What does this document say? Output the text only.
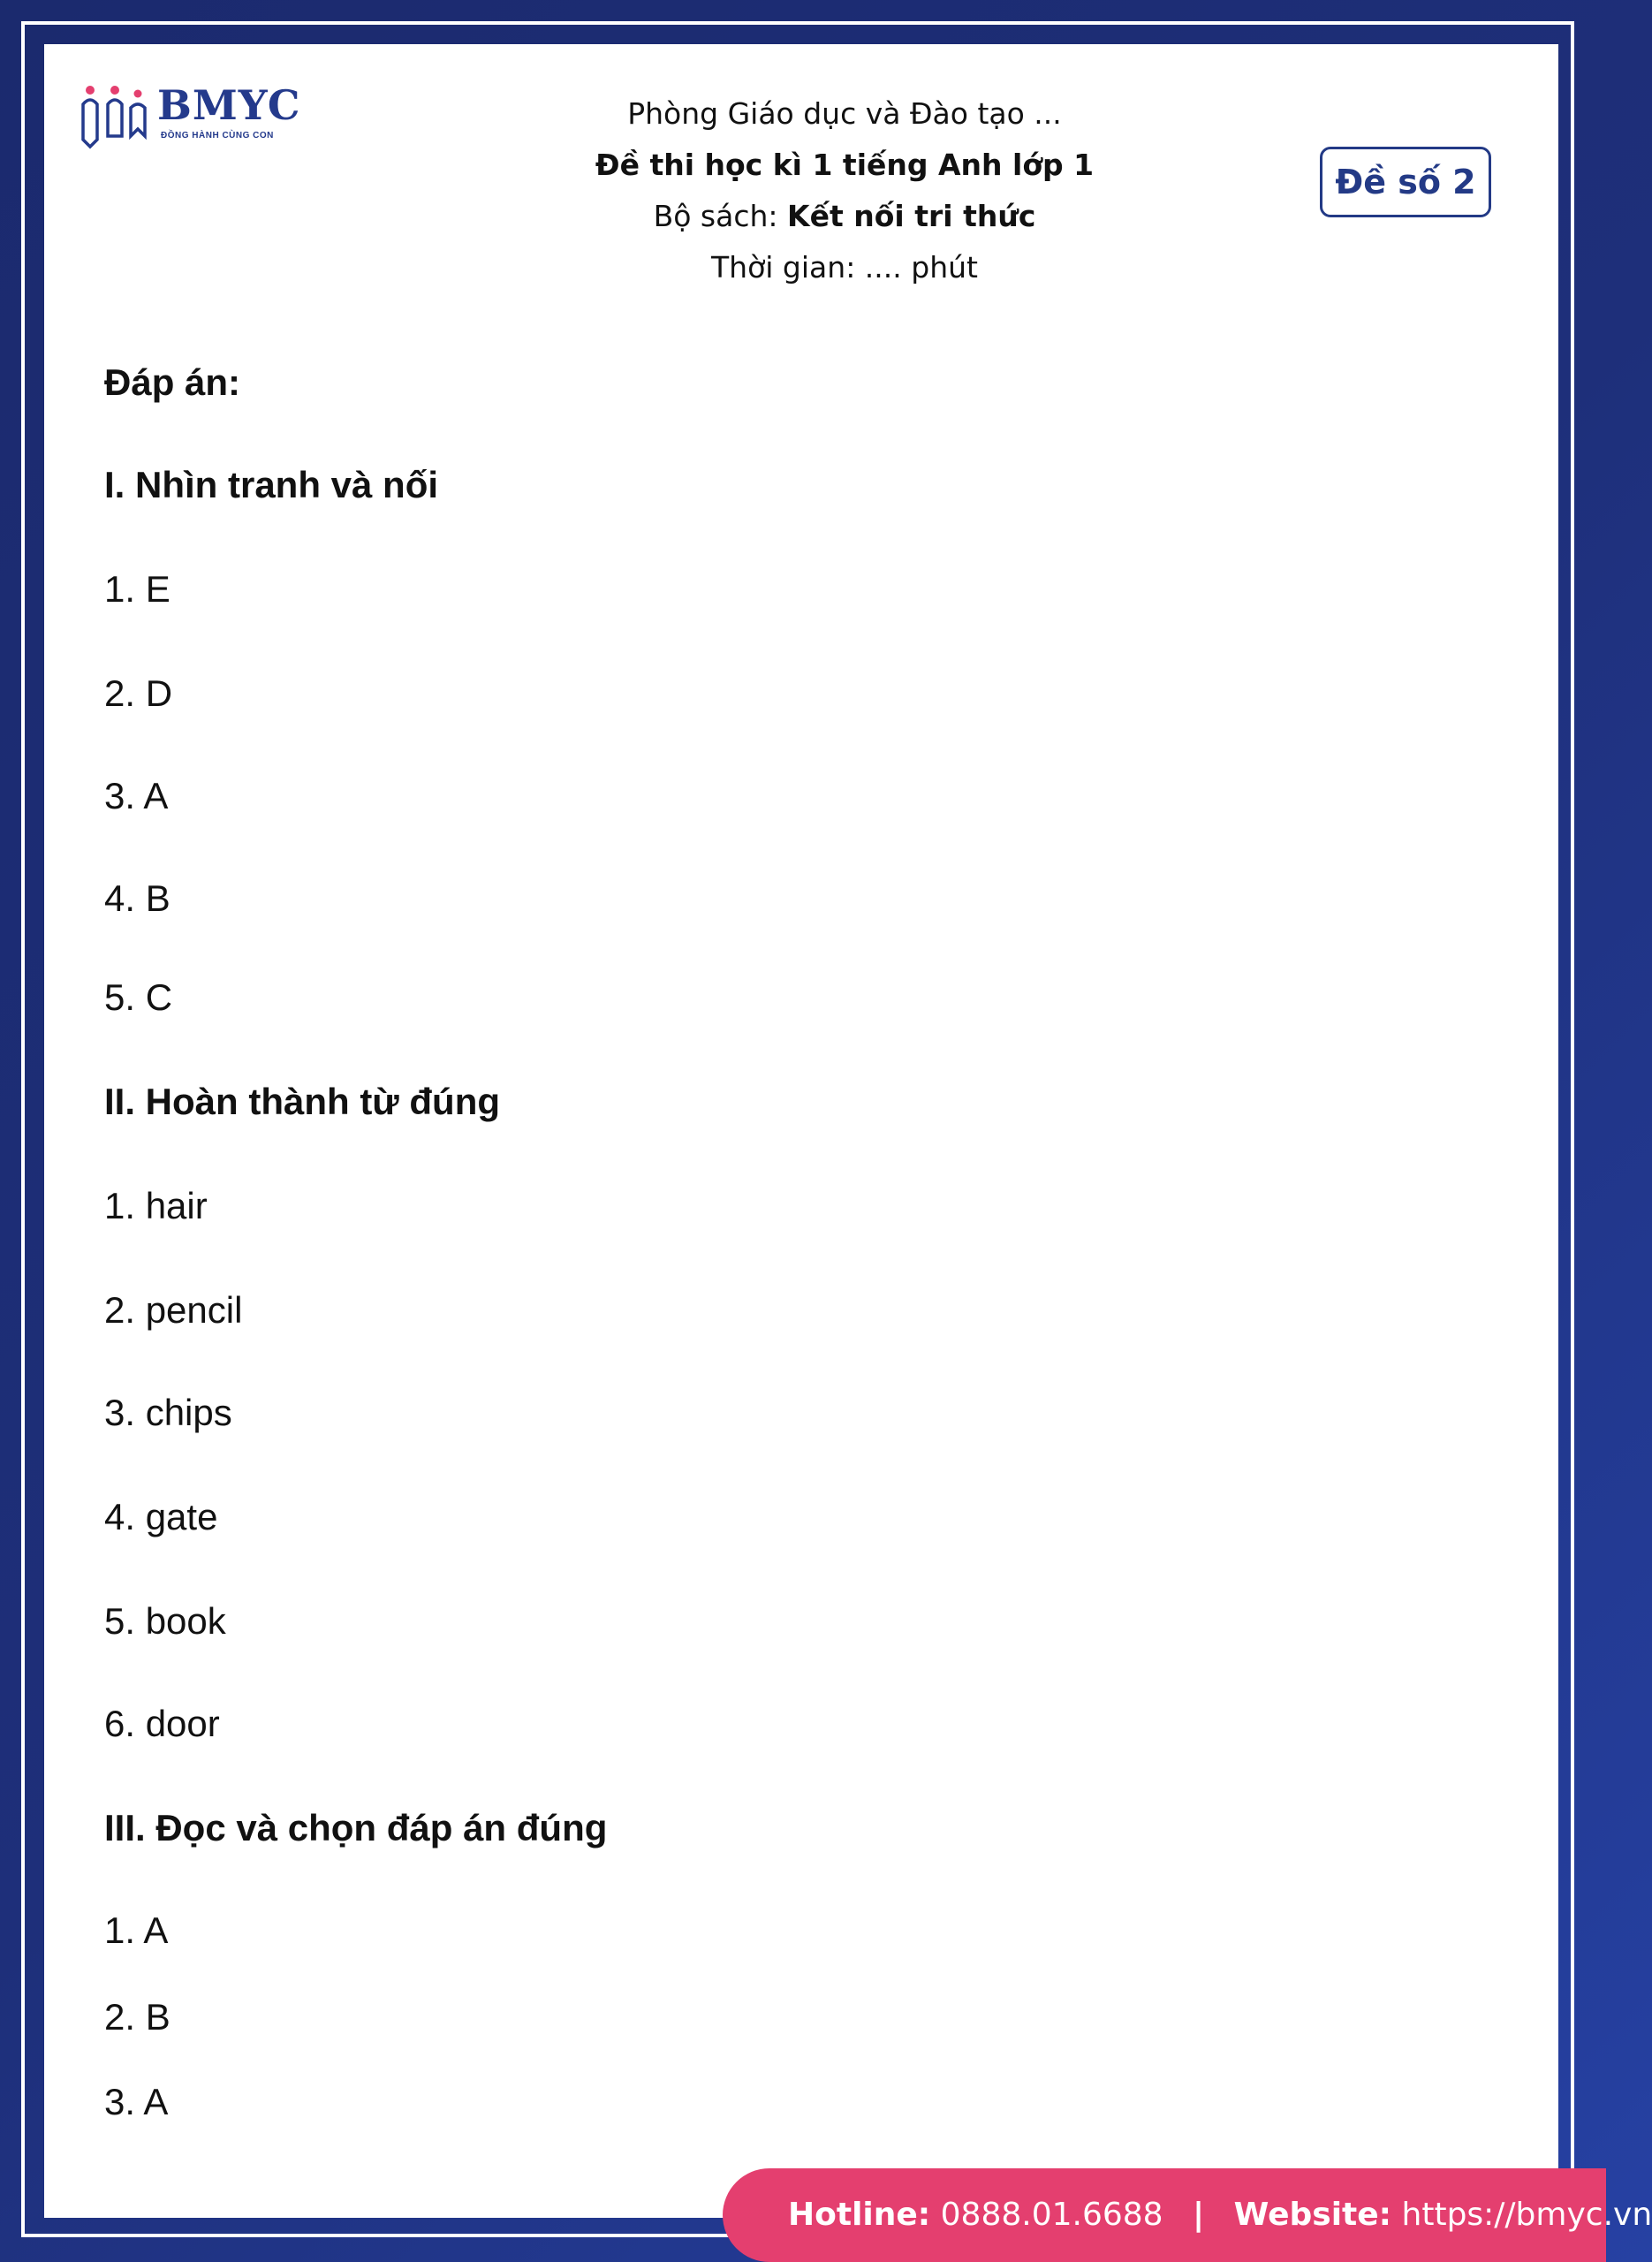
BMYC
ĐỒNG HÀNH CÙNG CON
Phòng Giáo dục và Đào tạo ...
Đề thi học kì 1 tiếng Anh lớp 1
Bộ sách: Kết nối tri thức
Thời gian: .... phút
Đề số 2
Đáp án:
I. Nhìn tranh và nối
1. E
2. D
3. A
4. B
5. C
II. Hoàn thành từ đúng
1. hair
2. pencil
3. chips
4. gate
5. book
6. door
III. Đọc và chọn đáp án đúng
1. A
2. B
3. A
Hotline: 0888.01.6688 | Website: https://bmyc.vn
